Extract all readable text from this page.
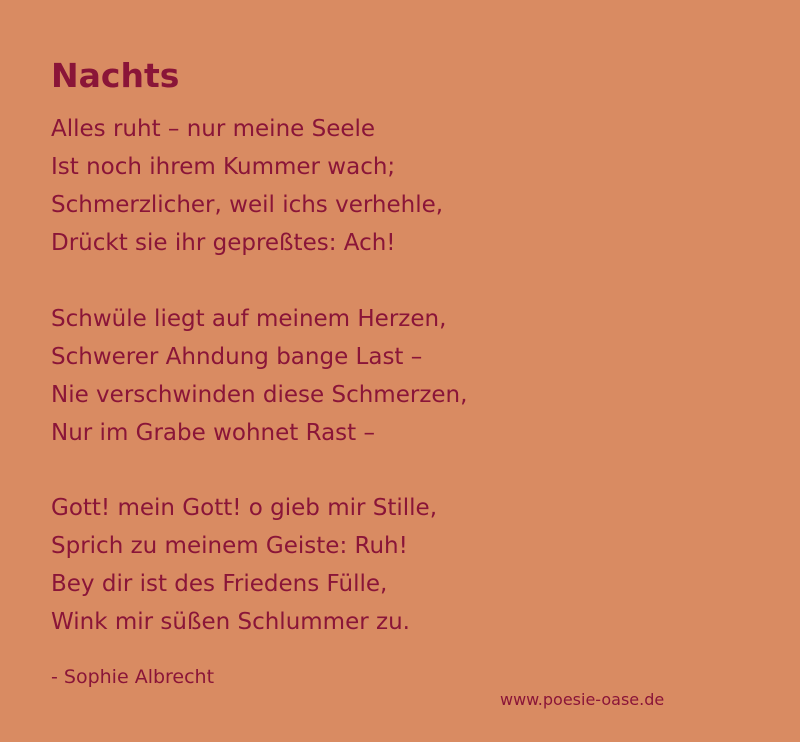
Nachts
Alles ruht – nur meine Seele
Ist noch ihrem Kummer wach;
Schmerzlicher, weil ichs verhehle,
Drückt sie ihr gepreßtes: Ach!
Schwüle liegt auf meinem Herzen,
Schwerer Ahndung bange Last –
Nie verschwinden diese Schmerzen,
Nur im Grabe wohnet Rast –
Gott! mein Gott! o gieb mir Stille,
Sprich zu meinem Geiste: Ruh!
Bey dir ist des Friedens Fülle,
Wink mir süßen Schlummer zu.
- Sophie Albrecht
www.poesie-oase.de
